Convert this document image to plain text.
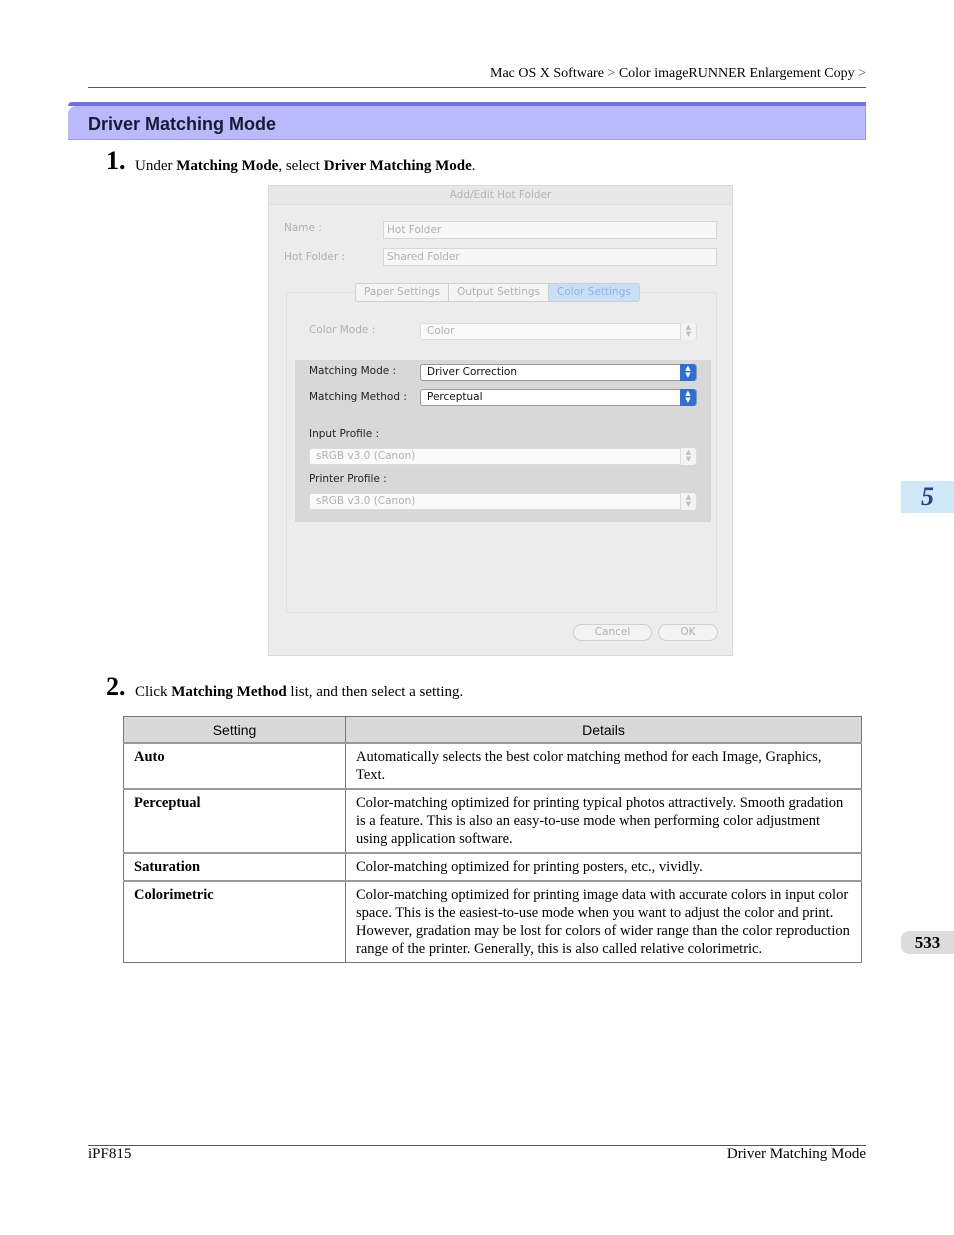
Mac OS X Software > Color imageRUNNER Enlargement Copy >
Driver Matching Mode
1. Under Matching Mode, select Driver Matching Mode.
Add/Edit Hot Folder
Name :	Hot Folder
Hot Folder :	Shared Folder
Paper Settings	Output Settings	Color Settings
Color Mode :	Color	▲
▼
Matching Mode :	Driver Correction	▲
▼
Matching Method :	Perceptual	▲
▼
Input Profile :
sRGB v3.0 (Canon)	▲
▼
Printer Profile :
sRGB v3.0 (Canon)	▲
▼
Cancel	OK
2. Click Matching Method list, and then select a setting.
Setting	Details
Auto	Automatically selects the best color matching method for each Image, Graphics, Text.
Perceptual	Color-matching optimized for printing typical photos attractively. Smooth gradation is a feature. This is also an easy-to-use mode when performing color adjustment using application software.
Saturation	Color-matching optimized for printing posters, etc., vividly.
Colorimetric	Color-matching optimized for printing image data with accurate colors in input color space. This is the easiest-to-use mode when you want to adjust the color and print. However, gradation may be lost for colors of wider range than the color reproduction range of the printer. Generally, this is also called relative colorimetric.
5
533
iPF815	Driver Matching Mode
